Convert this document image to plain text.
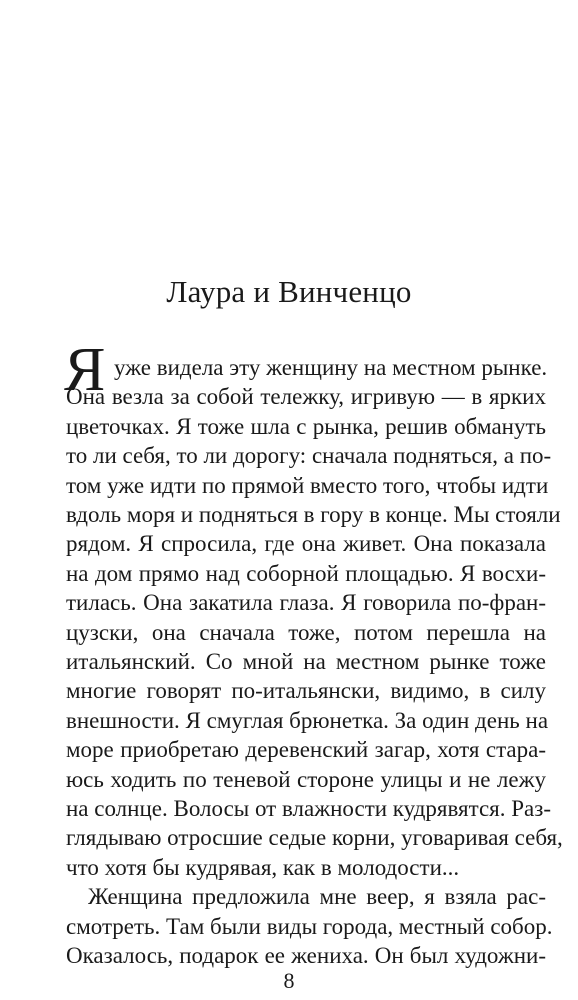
Лаура и Винченцо
Я уже видела эту женщину на местном рынке.
Она везла за собой тележку, игривую — в ярких
цветочках. Я тоже шла с рынка, решив обмануть
то ли себя, то ли дорогу: сначала подняться, а по-
том уже идти по прямой вместо того, чтобы идти
вдоль моря и подняться в гору в конце. Мы стояли
рядом. Я спросила, где она живет. Она показала
на дом прямо над соборной площадью. Я восхи-
тилась. Она закатила глаза. Я говорила по-фран-
цузски, она сначала тоже, потом перешла на
итальянский. Со мной на местном рынке тоже
многие говорят по-итальянски, видимо, в силу
внешности. Я смуглая брюнетка. За один день на
море приобретаю деревенский загар, хотя стара-
юсь ходить по теневой стороне улицы и не лежу
на солнце. Волосы от влажности кудрявятся. Раз-
глядываю отросшие седые корни, уговаривая себя,
что хотя бы кудрявая, как в молодости...
Женщина предложила мне веер, я взяла рас-
смотреть. Там были виды города, местный собор.
Оказалось, подарок ее жениха. Он был художни-
8
